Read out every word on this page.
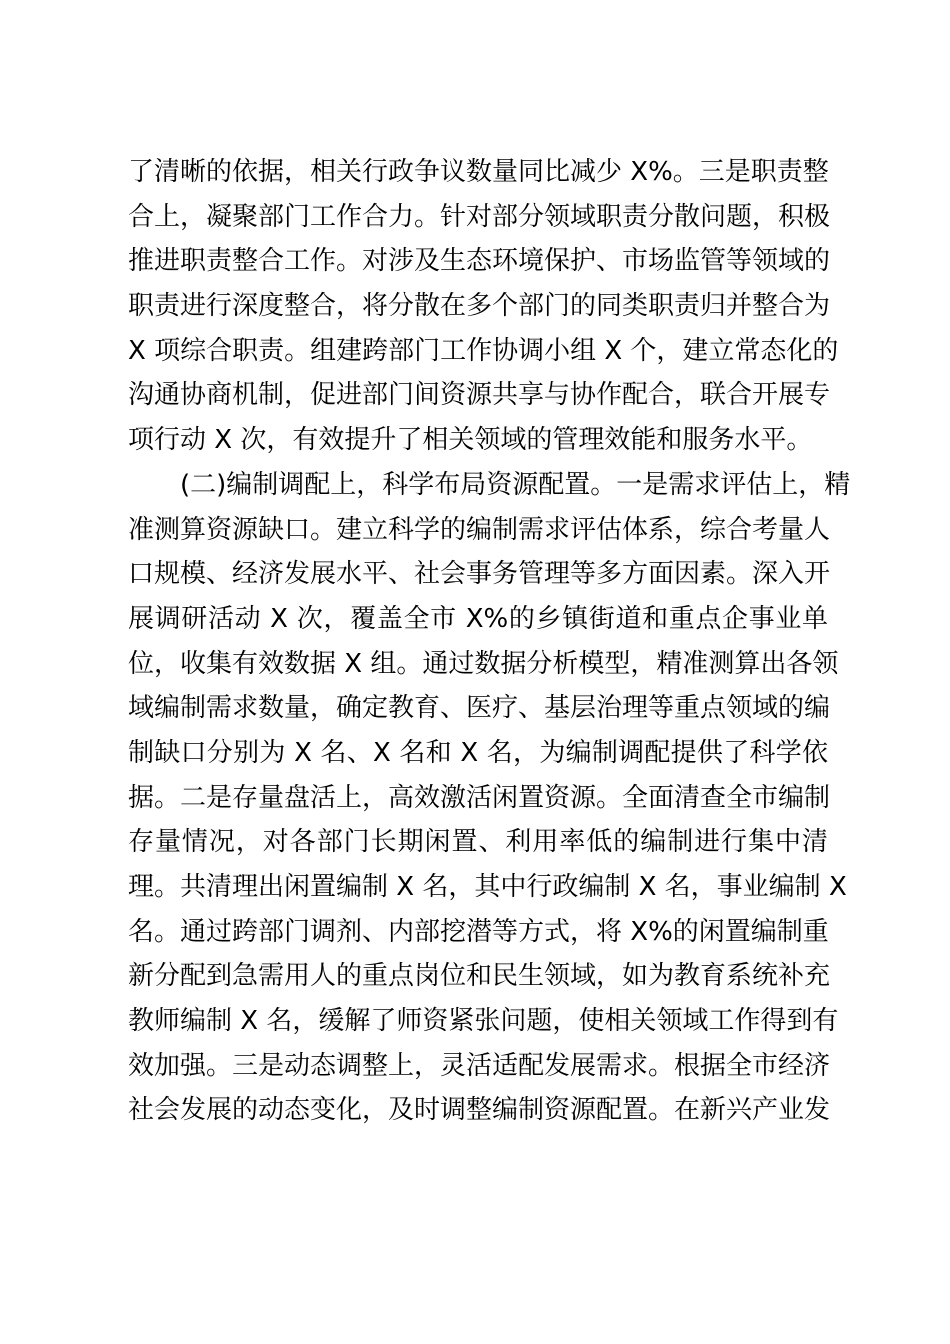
了清晰的依据，相关行政争议数量同比减少 X%。三是职责整
合上，凝聚部门工作合力。针对部分领域职责分散问题，积极
推进职责整合工作。对涉及生态环境保护、市场监管等领域的
职责进行深度整合，将分散在多个部门的同类职责归并整合为
X 项综合职责。组建跨部门工作协调小组 X 个，建立常态化的
沟通协商机制，促进部门间资源共享与协作配合，联合开展专
项行动 X 次，有效提升了相关领域的管理效能和服务水平。
　　(二)编制调配上，科学布局资源配置。一是需求评估上，精
准测算资源缺口。建立科学的编制需求评估体系，综合考量人
口规模、经济发展水平、社会事务管理等多方面因素。深入开
展调研活动 X 次，覆盖全市 X%的乡镇街道和重点企事业单
位，收集有效数据 X 组。通过数据分析模型，精准测算出各领
域编制需求数量，确定教育、医疗、基层治理等重点领域的编
制缺口分别为 X 名、X 名和 X 名，为编制调配提供了科学依
据。二是存量盘活上，高效激活闲置资源。全面清查全市编制
存量情况，对各部门长期闲置、利用率低的编制进行集中清
理。共清理出闲置编制 X 名，其中行政编制 X 名，事业编制 X
名。通过跨部门调剂、内部挖潜等方式，将 X%的闲置编制重
新分配到急需用人的重点岗位和民生领域，如为教育系统补充
教师编制 X 名，缓解了师资紧张问题，使相关领域工作得到有
效加强。三是动态调整上，灵活适配发展需求。根据全市经济
社会发展的动态变化，及时调整编制资源配置。在新兴产业发
